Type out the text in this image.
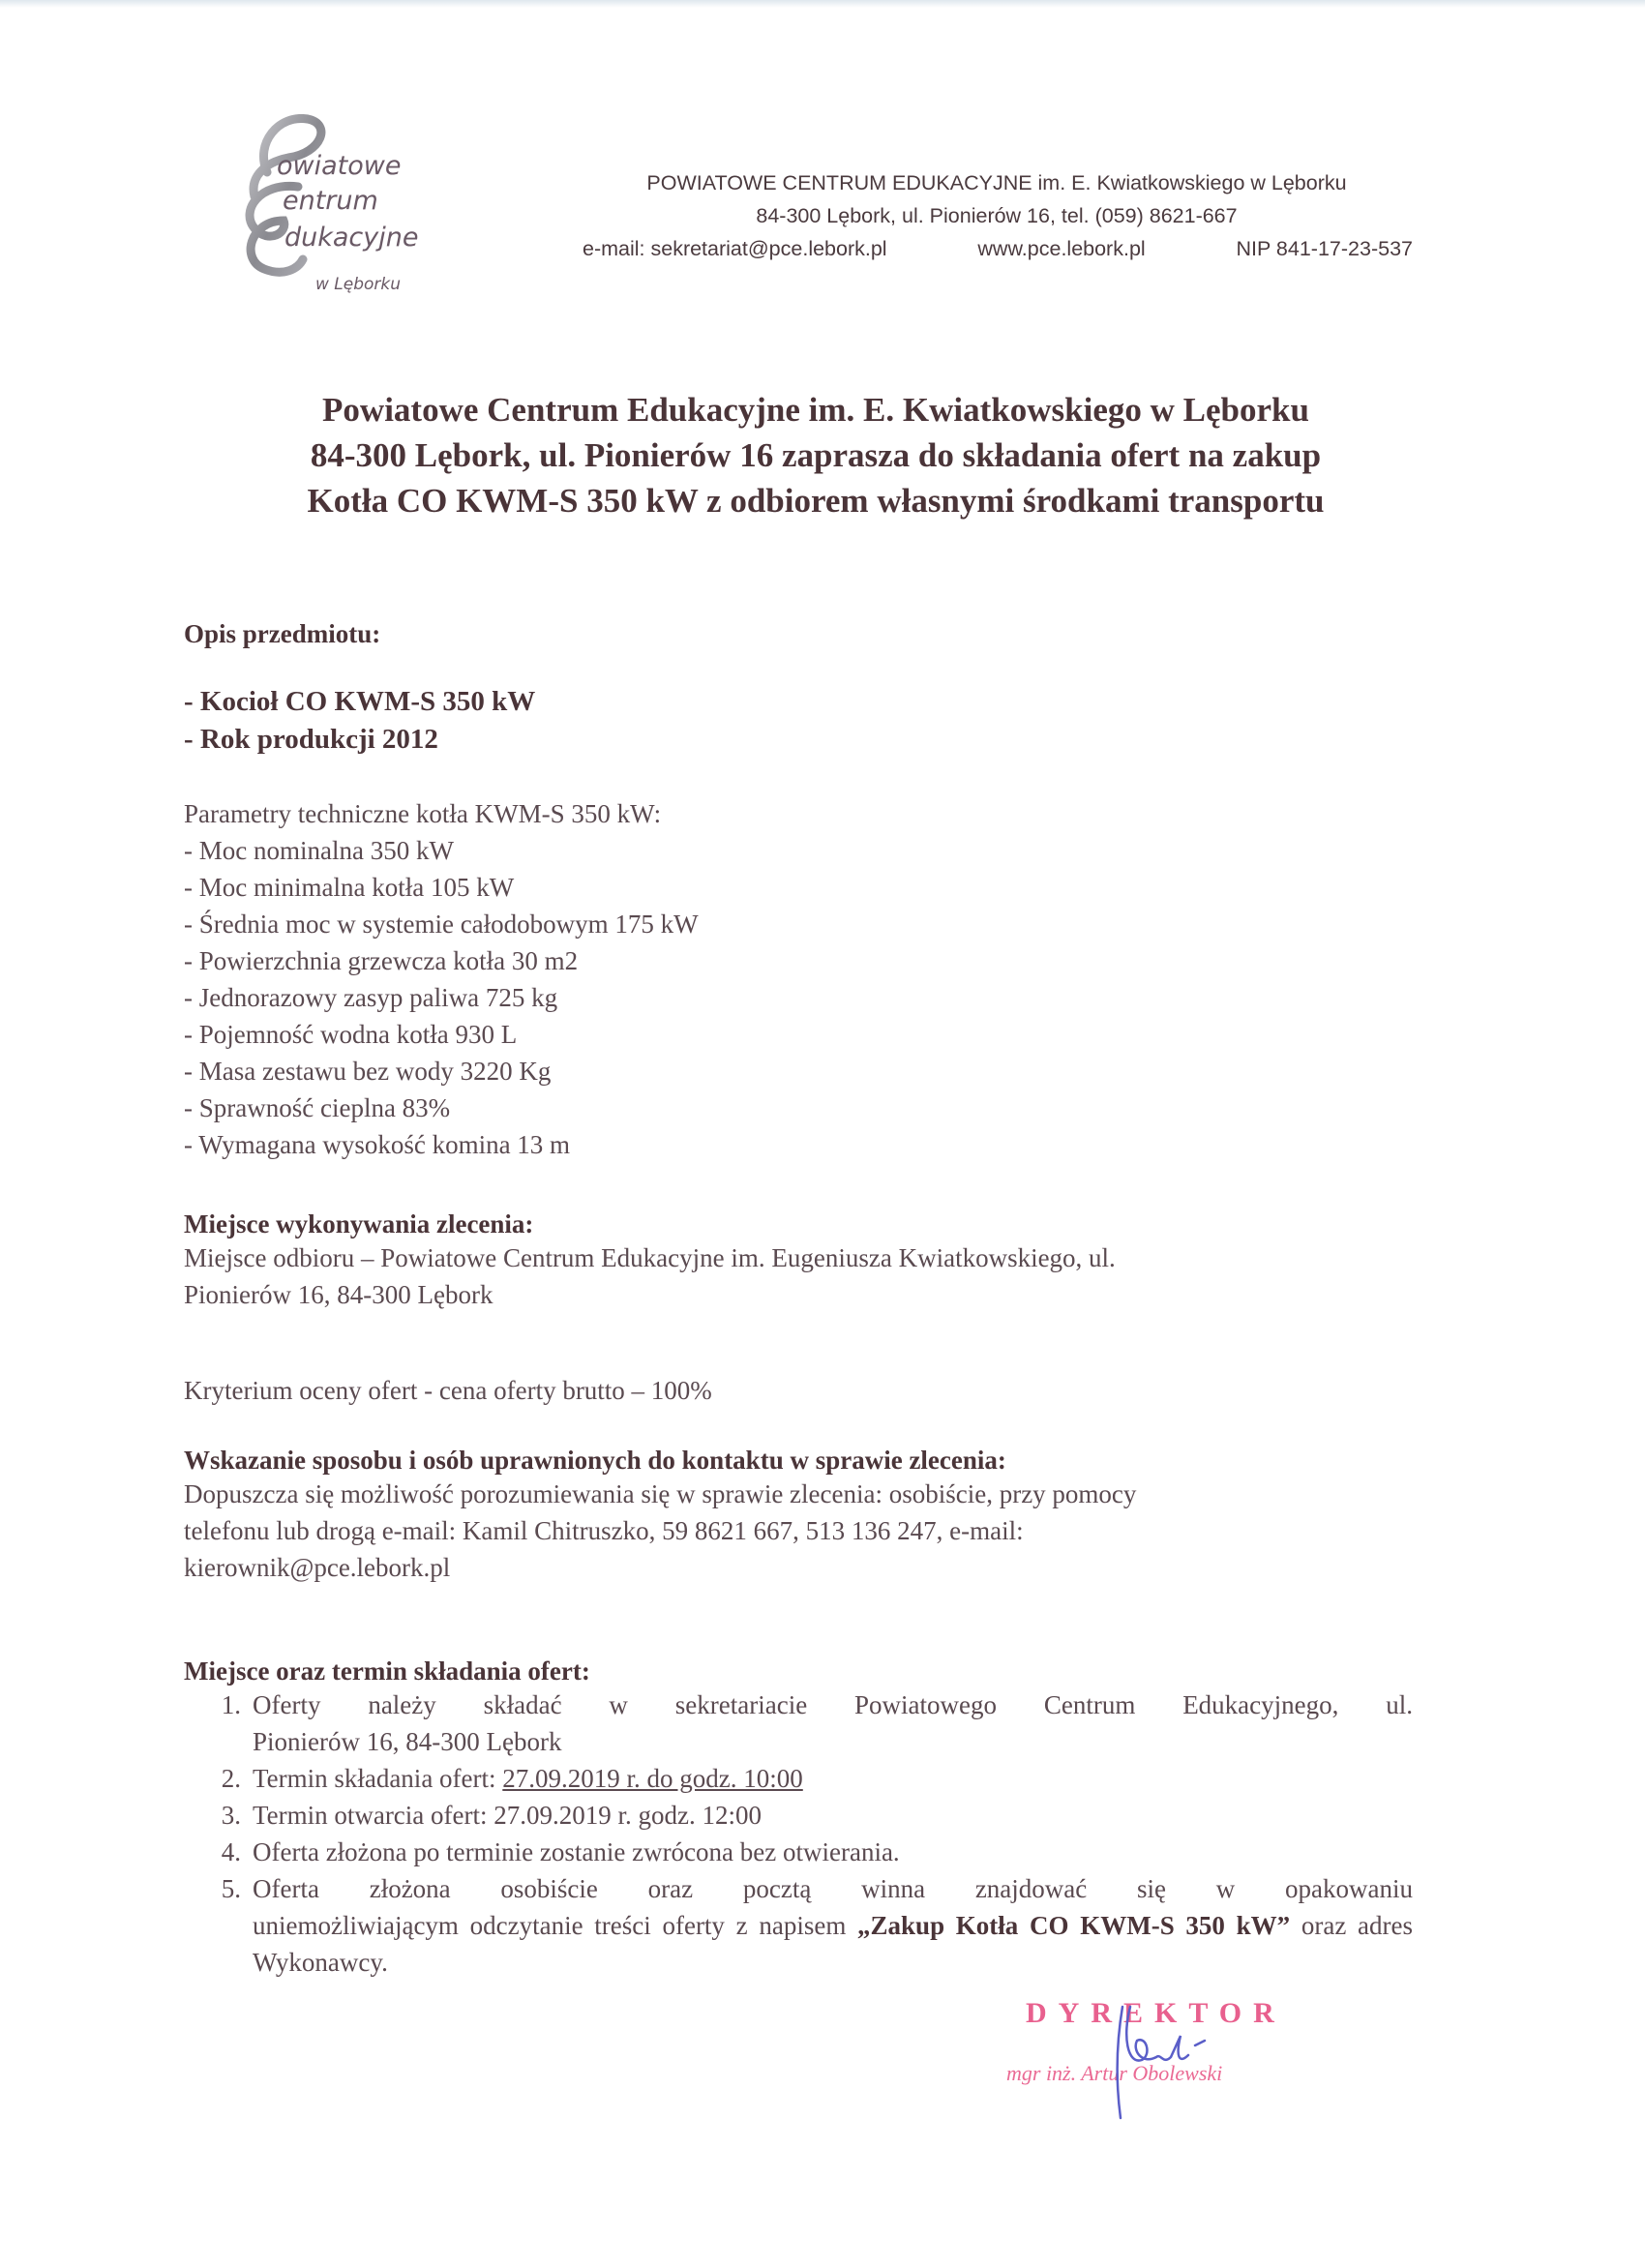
owiatowe
entrum
dukacyjne
w Lęborku
POWIATOWE CENTRUM EDUKACYJNE im. E. Kwiatkowskiego w Lęborku
84-300 Lębork, ul. Pionierów 16, tel. (059) 8621-667
e-mail: sekretariat@pce.lebork.pl	www.pce.lebork.pl	NIP 841-17-23-537
Powiatowe Centrum Edukacyjne im. E. Kwiatkowskiego w Lęborku
84-300 Lębork, ul. Pionierów 16 zaprasza do składania ofert na zakup
Kotła CO KWM-S 350 kW z odbiorem własnymi środkami transportu
Opis przedmiotu:
- Kocioł CO KWM-S 350 kW
- Rok produkcji 2012
Parametry techniczne kotła KWM-S 350 kW:
- Moc nominalna 350 kW
- Moc minimalna kotła 105 kW
- Średnia moc w systemie całodobowym 175 kW
- Powierzchnia grzewcza kotła 30 m2
- Jednorazowy zasyp paliwa 725 kg
- Pojemność wodna kotła 930 L
- Masa zestawu bez wody 3220 Kg
- Sprawność cieplna 83%
- Wymagana wysokość komina 13 m
Miejsce wykonywania zlecenia:
Miejsce odbioru – Powiatowe Centrum Edukacyjne im. Eugeniusza Kwiatkowskiego, ul.
Pionierów 16, 84-300 Lębork
Kryterium oceny ofert - cena oferty brutto – 100%
Wskazanie sposobu i osób uprawnionych do kontaktu w sprawie zlecenia:
Dopuszcza się możliwość porozumiewania się w sprawie zlecenia: osobiście, przy pomocy
telefonu lub drogą e-mail: Kamil Chitruszko, 59 8621 667, 513 136 247, e-mail:
kierownik@pce.lebork.pl
Miejsce oraz termin składania ofert:
1. Oferty należy składać w sekretariacie Powiatowego Centrum Edukacyjnego, ul.
Pionierów 16, 84-300 Lębork
2. Termin składania ofert: 27.09.2019 r. do godz. 10:00
3. Termin otwarcia ofert: 27.09.2019 r. godz. 12:00
4. Oferta złożona po terminie zostanie zwrócona bez otwierania.
5. Oferta złożona osobiście oraz pocztą winna znajdować się w opakowaniu
uniemożliwiającym odczytanie treści oferty z napisem „Zakup Kotła CO KWM-S 350 kW” oraz adres Wykonawcy.
DYREKTOR
mgr inż. Artur Obolewski
